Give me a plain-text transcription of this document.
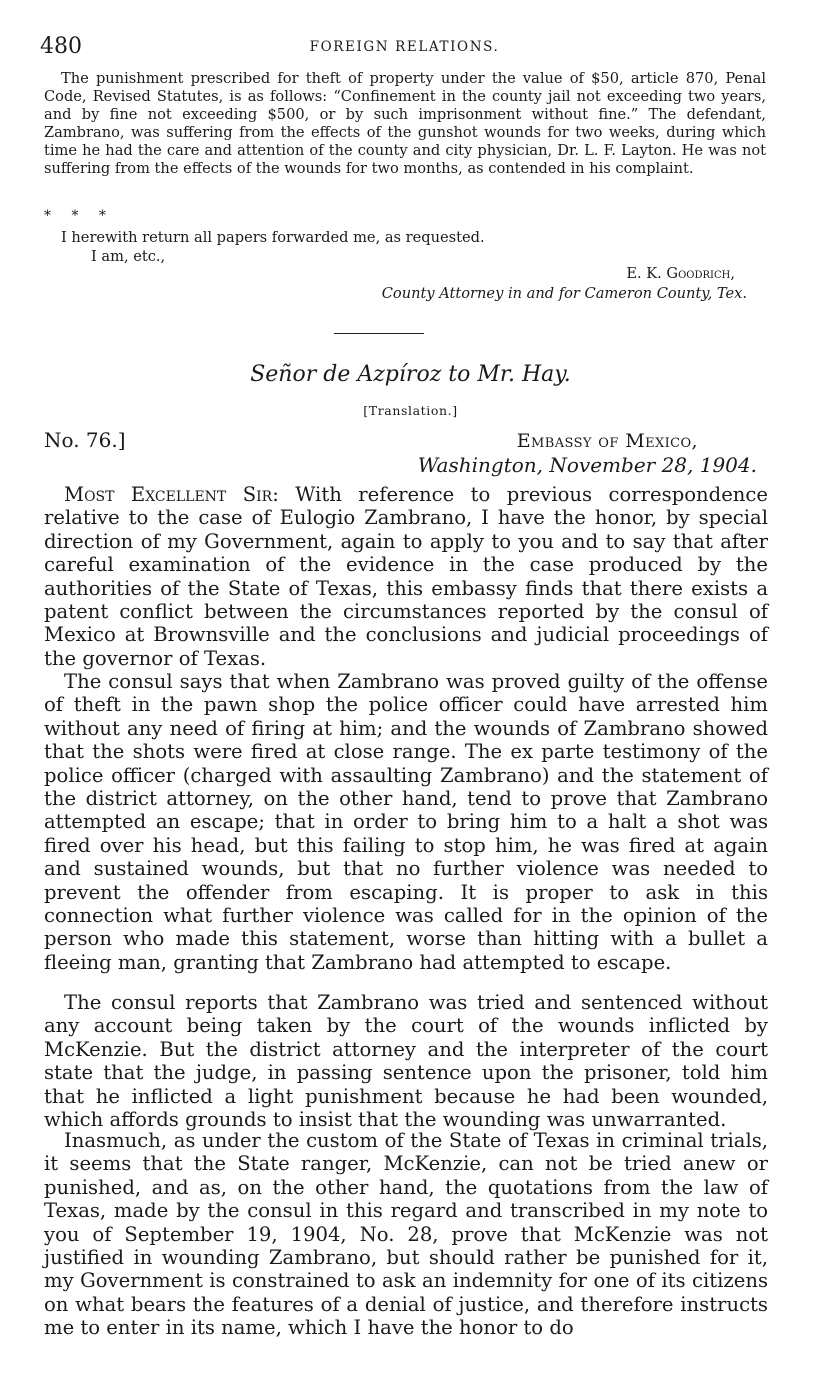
480	FOREIGN RELATIONS.

The punishment prescribed for theft of property under the value of $50, article 870, Penal Code, Revised Statutes, is as follows: “Confinement in the county jail not exceeding two years, and by fine not exceeding $500, or by such imprisonment without fine.” The defendant, Zambrano, was suffering from the effects of the gunshot wounds for two weeks, during which time he had the care and attention of the county and city physician, Dr. L. F. Layton. He was not suffering from the effects of the wounds for two months, as contended in his complaint.

* * *

I herewith return all papers forwarded me, as requested.

I am, etc.,

E. K. Goodrich,
County Attorney in and for Cameron County, Tex.
Señor de Azpíroz to Mr. Hay.
[Translation.]
No. 76.]	Embassy of Mexico,
Washington, November 28, 1904.

Most Excellent Sir: With reference to previous correspondence relative to the case of Eulogio Zambrano, I have the honor, by special direction of my Government, again to apply to you and to say that after careful examination of the evidence in the case produced by the authorities of the State of Texas, this embassy finds that there exists a patent conflict between the circumstances reported by the consul of Mexico at Brownsville and the conclusions and judicial proceedings of the governor of Texas.

The consul says that when Zambrano was proved guilty of the offense of theft in the pawn shop the police officer could have arrested him without any need of firing at him; and the wounds of Zambrano showed that the shots were fired at close range. The ex parte testimony of the police officer (charged with assaulting Zambrano) and the statement of the district attorney, on the other hand, tend to prove that Zambrano attempted an escape; that in order to bring him to a halt a shot was fired over his head, but this failing to stop him, he was fired at again and sustained wounds, but that no further violence was needed to prevent the offender from escaping. It is proper to ask in this connection what further violence was called for in the opinion of the person who made this statement, worse than hitting with a bullet a fleeing man, granting that Zambrano had attempted to escape.

The consul reports that Zambrano was tried and sentenced without any account being taken by the court of the wounds inflicted by McKenzie. But the district attorney and the interpreter of the court state that the judge, in passing sentence upon the prisoner, told him that he inflicted a light punishment because he had been wounded, which affords grounds to insist that the wounding was unwarranted.

Inasmuch, as under the custom of the State of Texas in criminal trials, it seems that the State ranger, McKenzie, can not be tried anew or punished, and as, on the other hand, the quotations from the law of Texas, made by the consul in this regard and transcribed in my note to you of September 19, 1904, No. 28, prove that McKenzie was not justified in wounding Zambrano, but should rather be punished for it, my Government is constrained to ask an indemnity for one of its citizens on what bears the features of a denial of justice, and therefore instructs me to enter in its name, which I have the honor to do
